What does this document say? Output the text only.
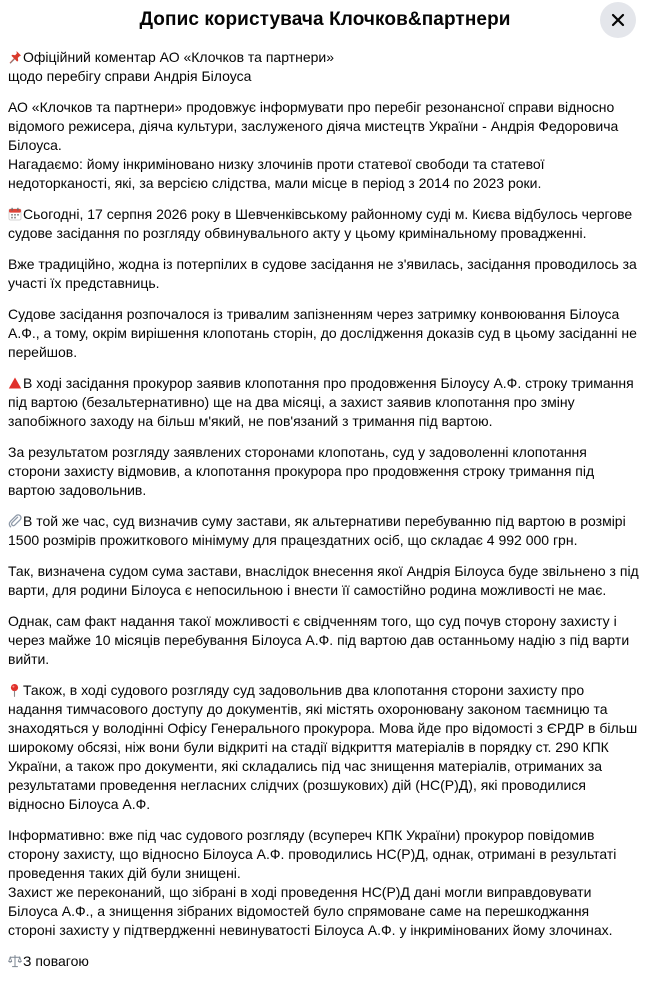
Допис користувача Клочков&партнери

Офіційний коментар АО «Клочков та партнери»

щодо перебігу справи Андрія Білоуса

АО «Клочков та партнери» продовжує інформувати про перебіг резонансної справи відносно відомого режисера, діяча культури, заслуженого діяча мистецтв України - Андрія Федоровича Білоуса.

Нагадаємо: йому інкриміновано низку злочинів проти статевої свободи та статевої недоторканості, які, за версією слідства, мали місце в період з 2014 по 2023 роки.

Сьогодні, 17 серпня 2026 року в Шевченківському районному суді м. Києва відбулось чергове судове засідання по розгляду обвинувального акту у цьому кримінальному провадженні.

Вже традиційно, жодна із потерпілих в судове засідання не з'явилась, засідання проводилось за участі їх представниць.

Судове засідання розпочалося із тривалим запізненням через затримку конвоювання Білоуса А.Ф., а тому, окрім вирішення клопотань сторін, до дослідження доказів суд в цьому засіданні не перейшов.

В ході засідання прокурор заявив клопотання про продовження Білоусу А.Ф. строку тримання під вартою (безальтернативно) ще на два місяці, а захист заявив клопотання про зміну запобіжного заходу на більш м'який, не пов'язаний з тримання під вартою.

За результатом розгляду заявлених сторонами клопотань, суд у задоволенні клопотання сторони захисту відмовив, а клопотання прокурора про продовження строку тримання під вартою задовольнив.

В той же час, суд визначив суму застави, як альтернативи перебуванню під вартою в розмірі 1500 розмірів прожиткового мінімуму для працездатних осіб, що складає 4 992 000 грн.

Так, визначена судом сума застави, внаслідок внесення якої Андрія Білоуса буде звільнено з під варти, для родини Білоуса є непосильною і внести її самостійно родина можливості не має.

Однак, сам факт надання такої можливості є свідченням того, що суд почув сторону захисту і через майже 10 місяців перебування Білоуса А.Ф. під вартою дав останньому надію з під варти вийти.

Також, в ході судового розгляду суд задовольнив два клопотання сторони захисту про надання тимчасового доступу до документів, які містять охоронювану законом таємницю та знаходяться у володінні Офісу Генерального прокурора. Мова йде про відомості з ЄРДР в більш широкому обсязі, ніж вони були відкриті на стадії відкриття матеріалів в порядку ст. 290 КПК України, а також про документи, які складались під час знищення матеріалів, отриманих за результатами проведення негласних слідчих (розшукових) дій (НС(Р)Д), які проводилися відносно Білоуса А.Ф.

Інформативно: вже під час судового розгляду (всупереч КПК України) прокурор повідомив сторону захисту, що відносно Білоуса А.Ф. проводились НС(Р)Д, однак, отримані в результаті проведення таких дій були знищені.

Захист же переконаний, що зібрані в ході проведення НС(Р)Д дані могли виправдовувати Білоуса А.Ф., а знищення зібраних відомостей було спрямоване саме на перешкоджання стороні захисту у підтвердженні невинуватості Білоуса А.Ф. у інкримінованих йому злочинах.

З повагою
